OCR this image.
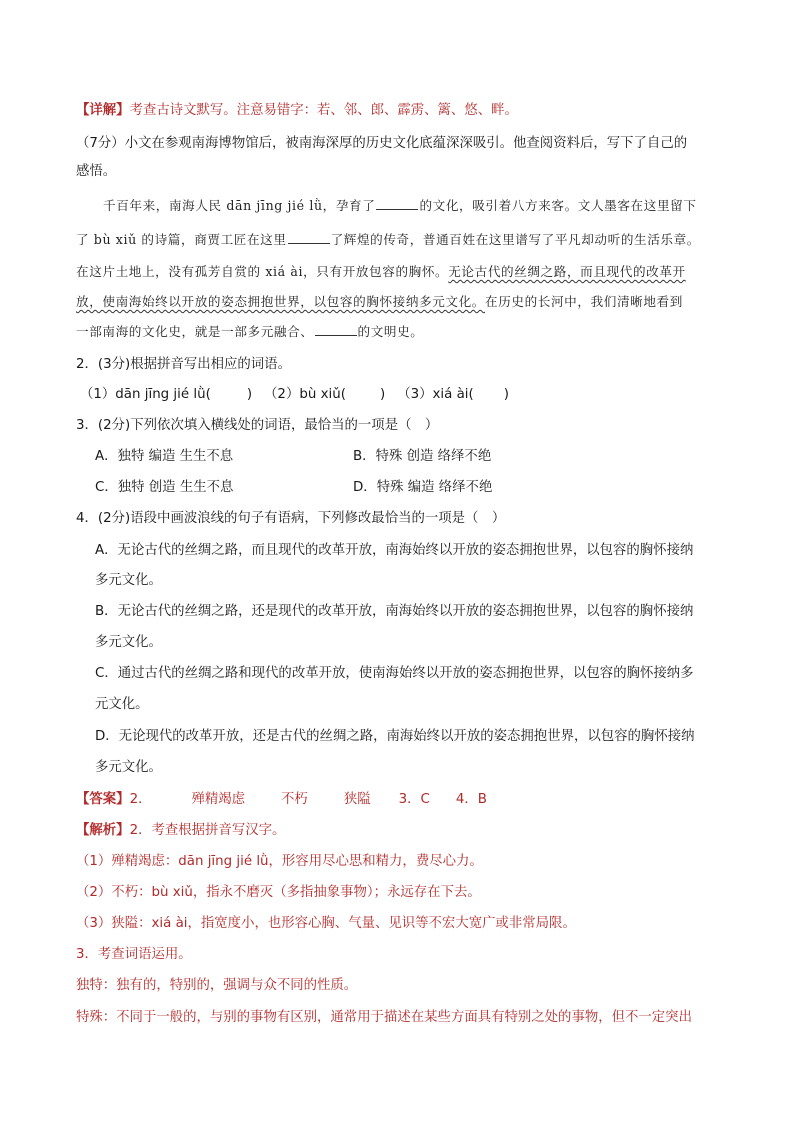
【详解】考查古诗文默写。注意易错字：若、邻、郎、霹雳、篱、悠、畔。
（7分）小文在参观南海博物馆后，被南海深厚的历史文化底蕴深深吸引。他查阅资料后，写下了自己的
感悟。
千百年来，南海人民 dān jīng jié lǜ，孕育了	的文化，吸引着八方来客。文人墨客在这里留下
了 bù xiǔ 的诗篇，商贾工匠在这里	了辉煌的传奇，普通百姓在这里谱写了平凡却动听的生活乐章。
在这片土地上，没有孤芳自赏的 xiá ài，只有开放包容的胸怀。无论古代的丝绸之路，而且现代的改革开
放，使南海始终以开放的姿态拥抱世界，以包容的胸怀接纳多元文化。在历史的长河中，我们清晰地看到
一部南海的文化史，就是一部多元融合、	的文明史。
2．(3分)根据拼音写出相应的词语。
（1）dān jīng jié lǜ(	) （2）bù xiǔ(	) （3）xiá ài( )
3．(2分)下列依次填入横线处的词语，最恰当的一项是（　）
A．独特 编造 生生不息	B．特殊 创造 络绎不绝
C．独特 创造 生生不息	D．特殊 编造 络绎不绝
4．(2分)语段中画波浪线的句子有语病，下列修改最恰当的一项是（　）
A．无论古代的丝绸之路，而且现代的改革开放，南海始终以开放的姿态拥抱世界，以包容的胸怀接纳
多元文化。
B．无论古代的丝绸之路，还是现代的改革开放，南海始终以开放的姿态拥抱世界，以包容的胸怀接纳
多元文化。
C．通过古代的丝绸之路和现代的改革开放，使南海始终以开放的姿态拥抱世界，以包容的胸怀接纳多
元文化。
D．无论现代的改革开放，还是古代的丝绸之路，南海始终以开放的姿态拥抱世界，以包容的胸怀接纳
多元文化。
【答案】2．	殚精竭虑	不朽	狭隘 3．C 4．B
【解析】2．考查根据拼音写汉字。
（1）殚精竭虑：dān jīng jié lǜ，形容用尽心思和精力，费尽心力。
（2）不朽：bù xiǔ，指永不磨灭（多指抽象事物）；永远存在下去。
（3）狭隘：xiá ài，指宽度小，也形容心胸、气量、见识等不宏大宽广或非常局限。
3．考查词语运用。
独特：独有的，特别的，强调与众不同的性质。
特殊：不同于一般的，与别的事物有区别，通常用于描述在某些方面具有特别之处的事物，但不一定突出
